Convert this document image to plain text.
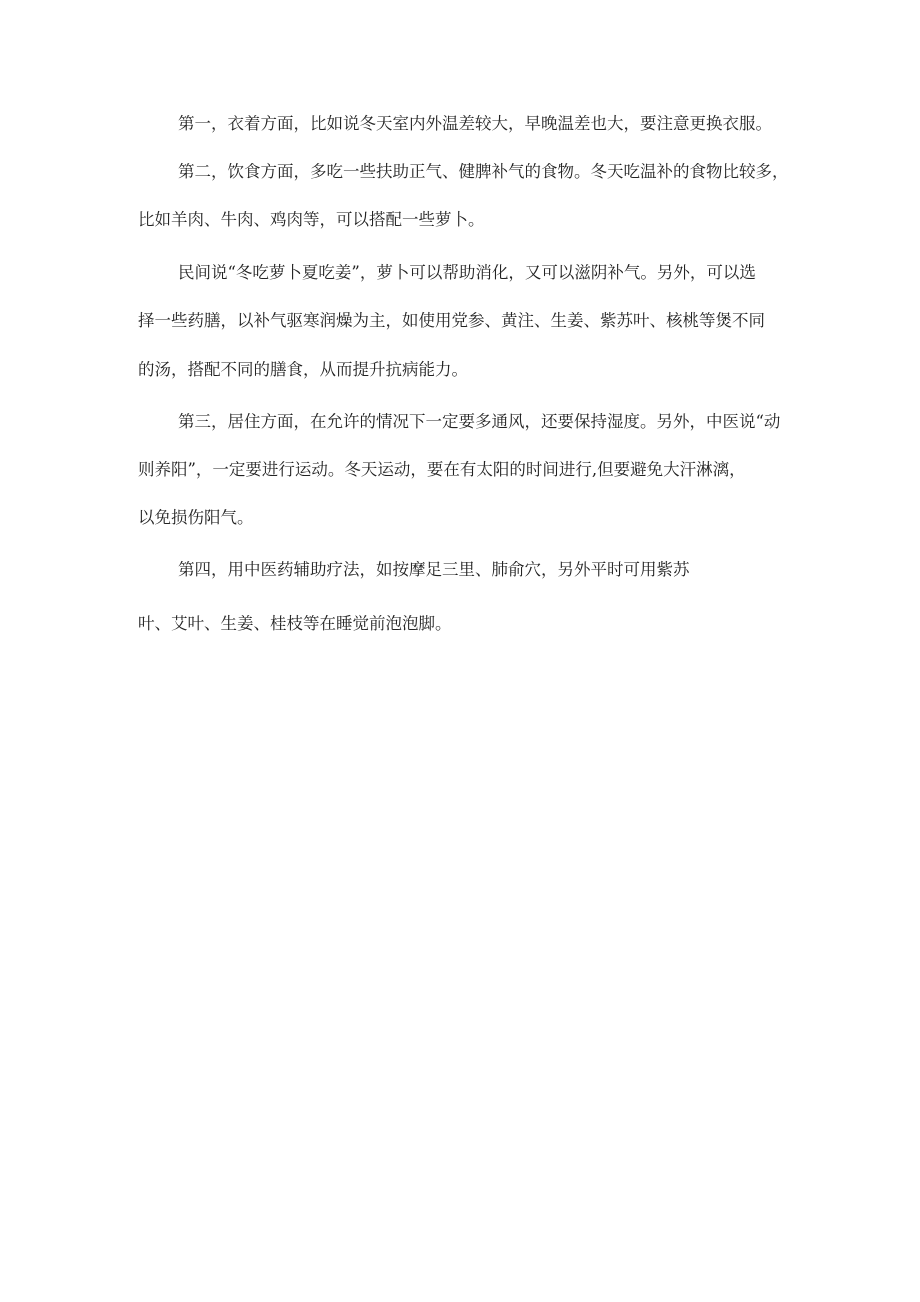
第一，衣着方面，比如说冬天室内外温差较大，早晚温差也大，要注意更换衣服。
第二，饮食方面，多吃一些扶助正气、健脾补气的食物。冬天吃温补的食物比较多，
比如羊肉、牛肉、鸡肉等，可以搭配一些萝卜。
民间说“冬吃萝卜夏吃姜”，萝卜可以帮助消化，又可以滋阴补气。另外，可以选
择一些药膳，以补气驱寒润燥为主，如使用党参、黄注、生姜、紫苏叶、核桃等煲不同
的汤，搭配不同的膳食，从而提升抗病能力。
第三，居住方面，在允许的情况下一定要多通风，还要保持湿度。另外，中医说“动
则养阳”，一定要进行运动。冬天运动，要在有太阳的时间进行,但要避免大汗淋漓，
以免损伤阳气。
第四，用中医药辅助疗法，如按摩足三里、肺俞穴，另外平时可用紫苏
叶、艾叶、生姜、桂枝等在睡觉前泡泡脚。
